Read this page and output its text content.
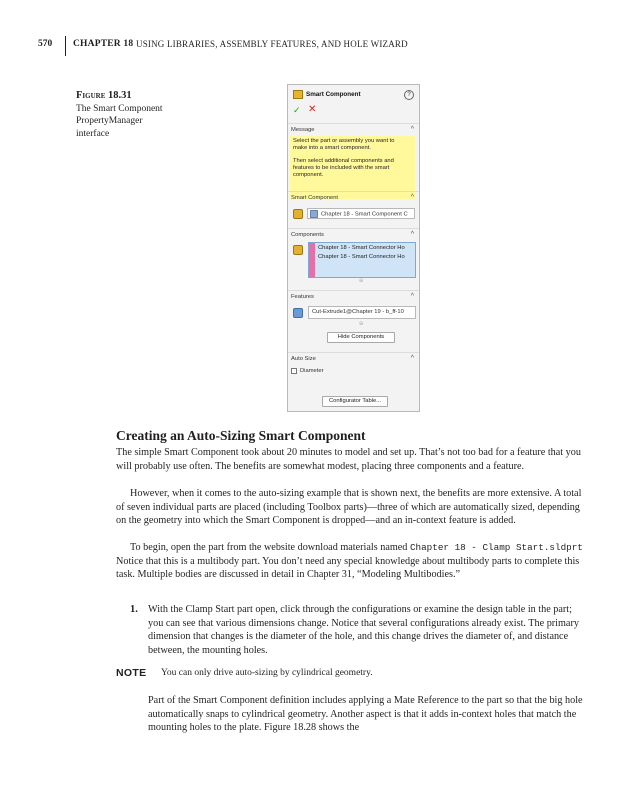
570 CHAPTER 18 USING LIBRARIES, ASSEMBLY FEATURES, AND HOLE WIZARD
Figure 18.31
The Smart Component
PropertyManager
interface
Smart Component	?
✓ ✕
Message	^

Select the part or assembly you want to
make into a smart component.

Then select additional components and
features to be included with the smart
component.

Smart Component	^
Chapter 18 - Smart Component C
Components	^
Chapter 18 - Smart Connector Ho
Chapter 18 - Smart Connector Ho
⊖
Features	^
Cut-Extrude1@Chapter 19 - b_ff-10
⊖
Hide Components
Auto Size	^
Diameter
Configurator Table...
Creating an Auto-Sizing Smart Component

The simple Smart Component took about 20 minutes to model and set up. That’s not too bad for a feature that you will probably use often. The benefits are somewhat modest, placing three components and a feature.

However, when it comes to the auto-sizing example that is shown next, the benefits are more extensive. A total of seven individual parts are placed (including Toolbox parts)—three of which are automatically sized, depending on the geometry into which the Smart Component is dropped—and an in-context feature is added.

To begin, open the part from the website download materials named Chapter 18 - Clamp Start.sldprt Notice that this is a multibody part. You don’t need any special knowledge about multibody parts to complete this task. Multiple bodies are discussed in detail in Chapter 31, “Modeling Multibodies.”

1. With the Clamp Start part open, click through the configurations or examine the design table in the part; you can see that various dimensions change. Notice that several configurations already exist. The primary dimension that changes is the diameter of the hole, and this change drives the diameter of, and distance between, the mounting holes.

NOTE You can only drive auto-sizing by cylindrical geometry.

Part of the Smart Component definition includes applying a Mate Reference to the part so that the big hole automatically snaps to cylindrical geometry. Another aspect is that it adds in-context holes that match the mounting holes to the plate. Figure 18.28 shows the
